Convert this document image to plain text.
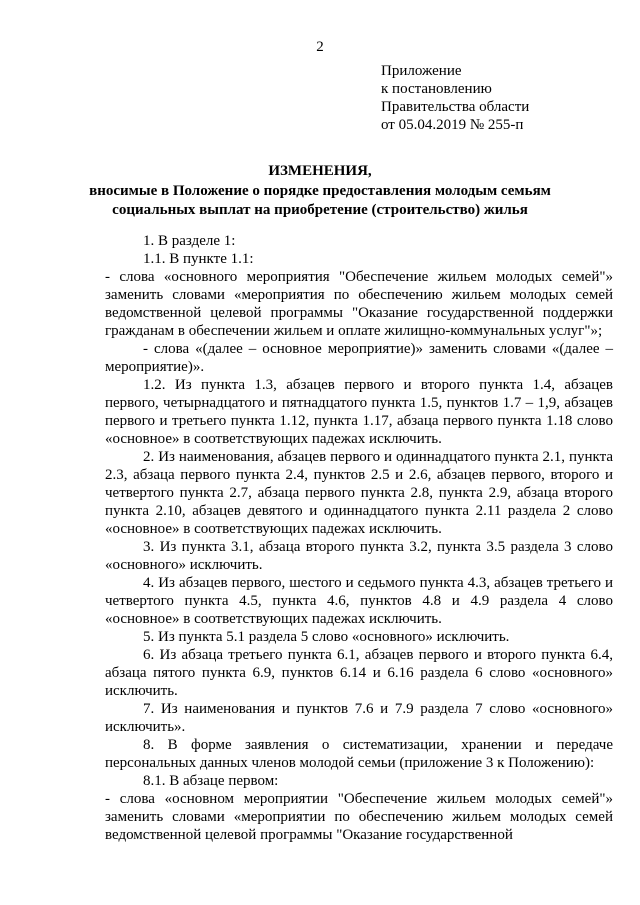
2
Приложение
к постановлению
Правительства области
от 05.04.2019 № 255-п
ИЗМЕНЕНИЯ,
вносимые в Положение о порядке предоставления молодым семьям
социальных выплат на приобретение (строительство) жилья

1. В разделе 1:

1.1. В пункте 1.1:

- слова «основного мероприятия "Обеспечение жильем молодых семей"» заменить словами «мероприятия по обеспечению жильем молодых семей ведомственной целевой программы "Оказание государственной поддержки гражданам в обеспечении жильем и оплате жилищно-коммунальных услуг"»;

- слова «(далее – основное мероприятие)» заменить словами «(далее – мероприятие)».

1.2. Из пункта 1.3, абзацев первого и второго пункта 1.4, абзацев первого, четырнадцатого и пятнадцатого пункта 1.5, пунктов 1.7 – 1,9, абзацев первого и третьего пункта 1.12, пункта 1.17, абзаца первого пункта 1.18 слово «основное» в соответствующих падежах исключить.

2. Из наименования, абзацев первого и одиннадцатого пункта 2.1, пункта 2.3, абзаца первого пункта 2.4, пунктов 2.5 и 2.6, абзацев первого, второго и четвертого пункта 2.7, абзаца первого пункта 2.8, пункта 2.9, абзаца второго пункта 2.10, абзацев девятого и одиннадцатого пункта 2.11 раздела 2 слово «основное» в соответствующих падежах исключить.

3. Из пункта 3.1, абзаца второго пункта 3.2, пункта 3.5 раздела 3 слово «основного» исключить.

4. Из абзацев первого, шестого и седьмого пункта 4.3, абзацев третьего и четвертого пункта 4.5, пункта 4.6, пунктов 4.8 и 4.9 раздела 4 слово «основное» в соответствующих падежах исключить.

5. Из пункта 5.1 раздела 5 слово «основного» исключить.

6. Из абзаца третьего пункта 6.1, абзацев первого и второго пункта 6.4, абзаца пятого пункта 6.9, пунктов 6.14 и 6.16 раздела 6 слово «основного» исключить.

7. Из наименования и пунктов 7.6 и 7.9 раздела 7 слово «основного» исключить».

8. В форме заявления о систематизации, хранении и передаче персональных данных членов молодой семьи (приложение 3 к Положению):

8.1. В абзаце первом:

- слова «основном мероприятии "Обеспечение жильем молодых семей"» заменить словами «мероприятии по обеспечению жильем молодых семей ведомственной целевой программы "Оказание государственной
